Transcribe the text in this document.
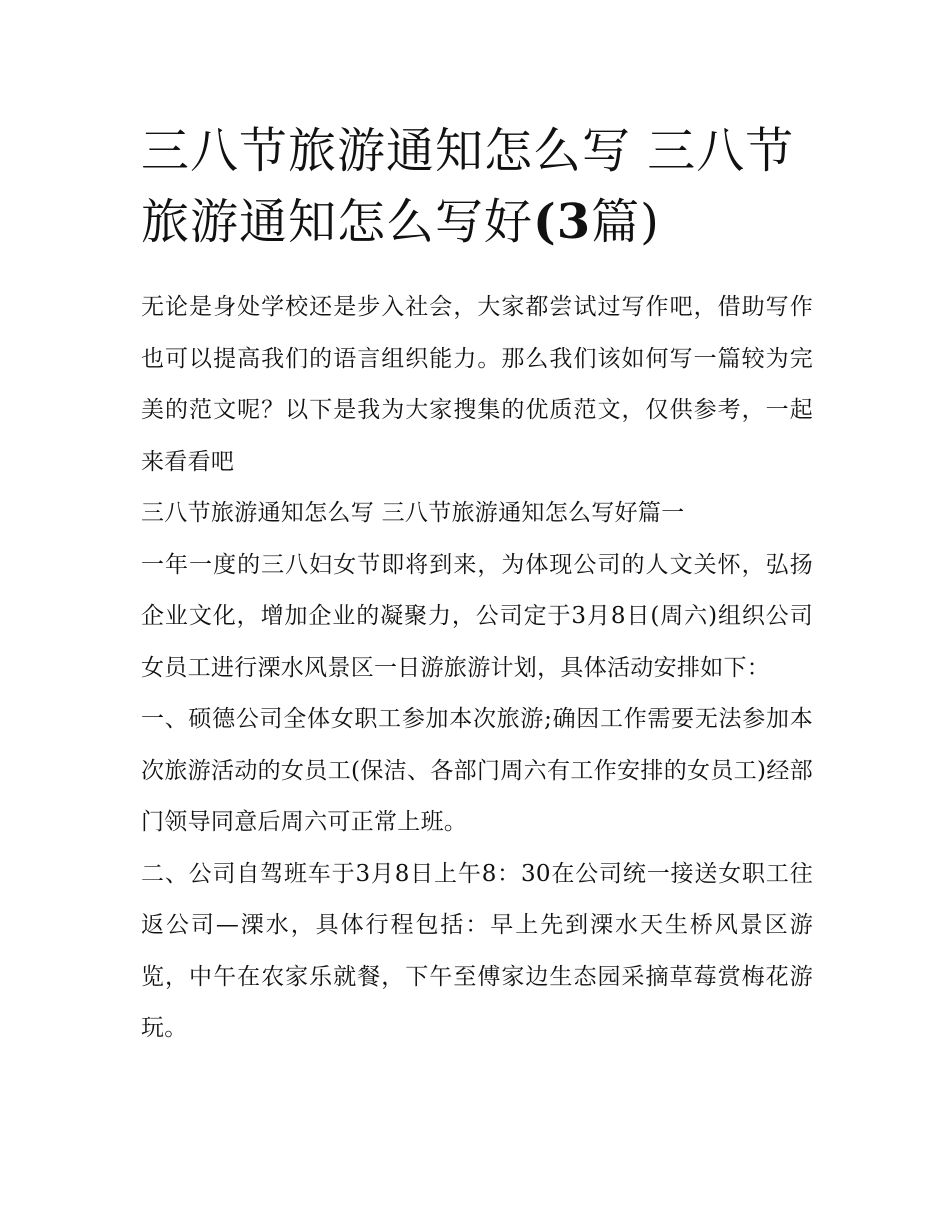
三八节旅游通知怎么写 三八节旅游通知怎么写好(3篇)

无论是身处学校还是步入社会，大家都尝试过写作吧，借助写作也可以提高我们的语言组织能力。那么我们该如何写一篇较为完美的范文呢？以下是我为大家搜集的优质范文，仅供参考，一起来看看吧

三八节旅游通知怎么写 三八节旅游通知怎么写好篇一

一年一度的三八妇女节即将到来，为体现公司的人文关怀，弘扬企业文化，增加企业的凝聚力，公司定于3月8日(周六)组织公司女员工进行溧水风景区一日游旅游计划，具体活动安排如下：

一、硕德公司全体女职工参加本次旅游;确因工作需要无法参加本次旅游活动的女员工(保洁、各部门周六有工作安排的女员工)经部门领导同意后周六可正常上班。

二、公司自驾班车于3月8日上午8：30在公司统一接送女职工往返公司—溧水，具体行程包括：早上先到溧水天生桥风景区游览，中午在农家乐就餐，下午至傅家边生态园采摘草莓赏梅花游玩。
